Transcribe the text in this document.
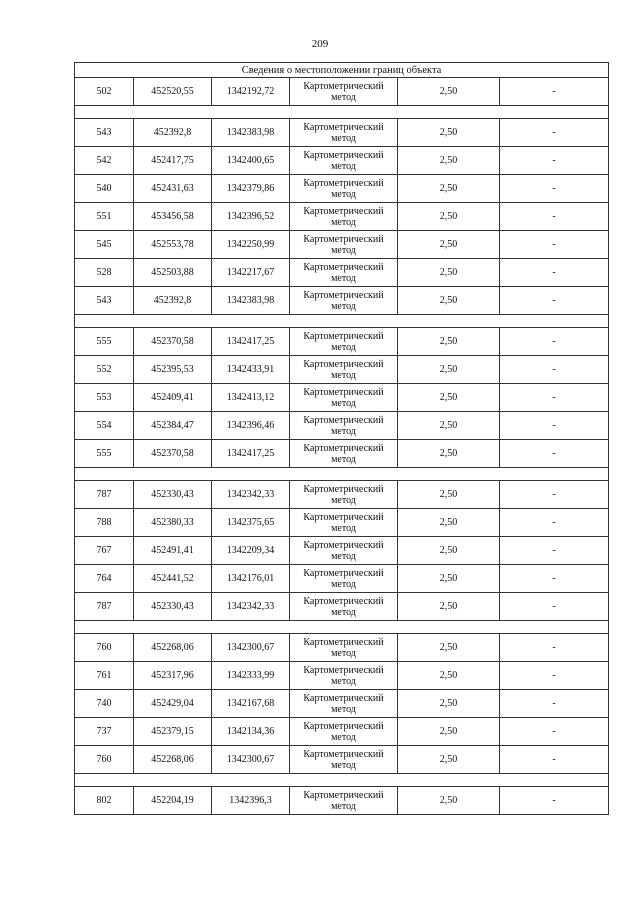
209
Сведения о местоположении границ объекта					
502	452520,55	1342192,72	Картометрический метод	2,50	-

543	452392,8	1342383,98	Картометрический метод	2,50	-
542	452417,75	1342400,65	Картометрический метод	2,50	-
540	452431,63	1342379,86	Картометрический метод	2,50	-
551	453456,58	1342396,52	Картометрический метод	2,50	-
545	452553,78	1342250,99	Картометрический метод	2,50	-
528	452503,88	1342217,67	Картометрический метод	2,50	-
543	452392,8	1342383,98	Картометрический метод	2,50	-

555	452370,58	1342417,25	Картометрический метод	2,50	-
552	452395,53	1342433,91	Картометрический метод	2,50	-
553	452409,41	1342413,12	Картометрический метод	2,50	-
554	452384,47	1342396,46	Картометрический метод	2,50	-
555	452370,58	1342417,25	Картометрический метод	2,50	-

787	452330,43	1342342,33	Картометрический метод	2,50	-
788	452380,33	1342375,65	Картометрический метод	2,50	-
767	452491,41	1342209,34	Картометрический метод	2,50	-
764	452441,52	1342176,01	Картометрический метод	2,50	-
787	452330,43	1342342,33	Картометрический метод	2,50	-

760	452268,06	1342300,67	Картометрический метод	2,50	-
761	452317,96	1342333,99	Картометрический метод	2,50	-
740	452429,04	1342167,68	Картометрический метод	2,50	-
737	452379,15	1342134,36	Картометрический метод	2,50	-
760	452268,06	1342300,67	Картометрический метод	2,50	-

802	452204,19	1342396,3	Картометрический метод	2,50	-
